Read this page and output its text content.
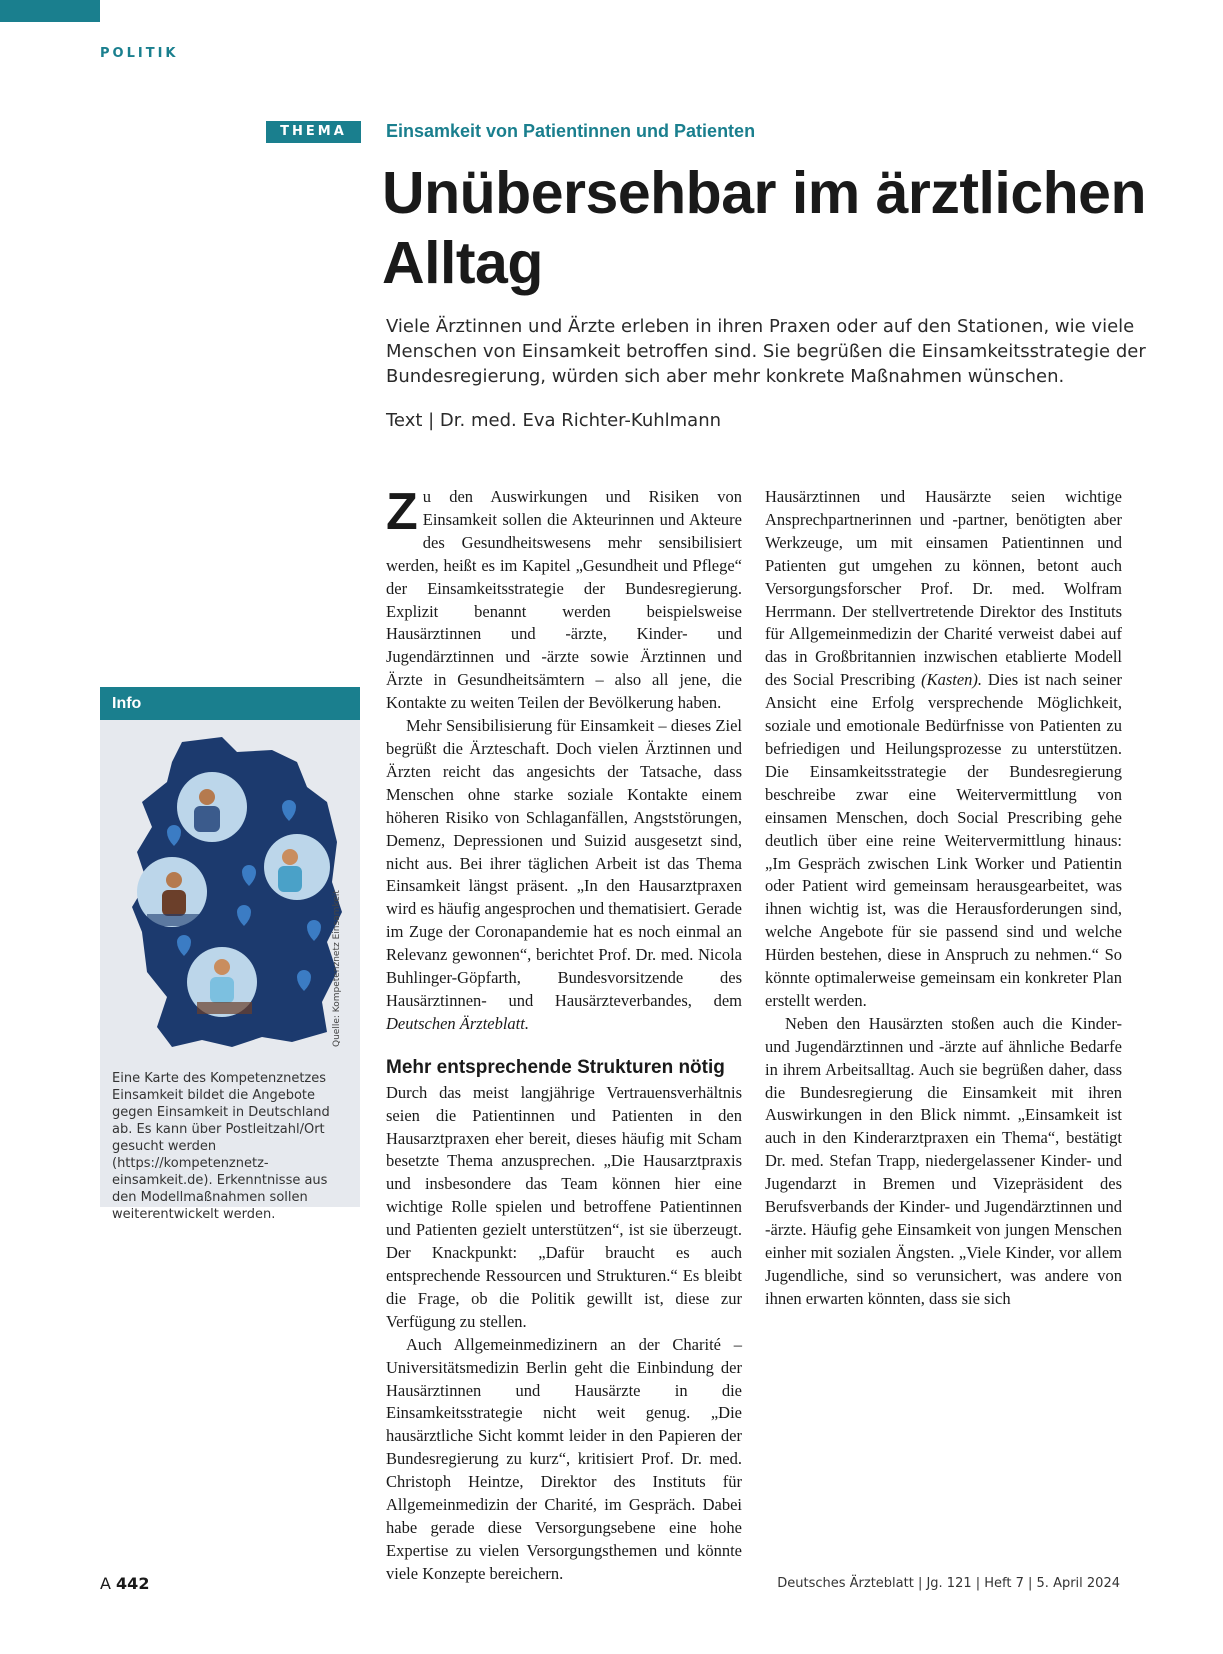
POLITIK
THEMA	Einsamkeit von Patientinnen und Patienten
Unübersehbar im ärztlichen Alltag

Viele Ärztinnen und Ärzte erleben in ihren Praxen oder auf den Stationen, wie viele Menschen von Einsamkeit betroffen sind. Sie begrüßen die Einsamkeitsstrategie der Bundesregierung, würden sich aber mehr konkrete Maßnahmen wünschen.

Text | Dr. med. Eva Richter-Kuhlmann

Info
Quelle: Kompetenznetz Einsamkeit

Eine Karte des Kompetenznetzes Einsamkeit bildet die Angebote gegen Einsamkeit in Deutschland ab. Es kann über Postleitzahl/Ort gesucht werden (https://kompetenznetz-einsamkeit.de). Erkenntnisse aus den Modellmaßnahmen sollen weiterentwickelt werden.

Zu den Auswirkungen und Risiken von Einsamkeit sollen die Akteurinnen und Akteure des Gesundheitswesens mehr sensibilisiert werden, heißt es im Kapitel „Gesundheit und Pflege“ der Einsamkeitsstrategie der Bundesregierung. Explizit benannt werden beispielsweise Hausärztinnen und -ärzte, Kinder- und Jugendärztinnen und -ärzte sowie Ärztinnen und Ärzte in Gesundheitsämtern – also all jene, die Kontakte zu weiten Teilen der Bevölkerung haben.

Mehr Sensibilisierung für Einsamkeit – dieses Ziel begrüßt die Ärzteschaft. Doch vielen Ärztinnen und Ärzten reicht das angesichts der Tatsache, dass Menschen ohne starke soziale Kontakte einem höheren Risiko von Schlaganfällen, Angststörungen, Demenz, Depressionen und Suizid ausgesetzt sind, nicht aus. Bei ihrer täglichen Arbeit ist das Thema Einsamkeit längst präsent. „In den Hausarztpraxen wird es häufig angesprochen und thematisiert. Gerade im Zuge der Coronapandemie hat es noch einmal an Relevanz gewonnen“, berichtet Prof. Dr. med. Nicola Buhlinger-Göpfarth, Bundesvorsitzende des Hausärztinnen- und Hausärzteverbandes, dem Deutschen Ärzteblatt.

Mehr entsprechende Strukturen nötig

Durch das meist langjährige Vertrauensverhältnis seien die Patientinnen und Patienten in den Hausarztpraxen eher bereit, dieses häufig mit Scham besetzte Thema anzusprechen. „Die Hausarztpraxis und insbesondere das Team können hier eine wichtige Rolle spielen und betroffene Patientinnen und Patienten gezielt unterstützen“, ist sie überzeugt. Der Knackpunkt: „Dafür braucht es auch entsprechende Ressourcen und Strukturen.“ Es bleibt die Frage, ob die Politik gewillt ist, diese zur Verfügung zu stellen.

Auch Allgemeinmedizinern an der Charité – Universitätsmedizin Berlin geht die Einbindung der Hausärztinnen und Hausärzte in die Einsamkeitsstrategie nicht weit genug. „Die hausärztliche Sicht kommt leider in den Papieren der Bundesregierung zu kurz“, kritisiert Prof. Dr. med. Christoph Heintze, Direktor des Instituts für Allgemeinmedizin der Charité, im Gespräch. Dabei habe gerade diese Versorgungsebene eine hohe Expertise zu vielen Versorgungsthemen und könnte viele Konzepte bereichern.

Hausärztinnen und Hausärzte seien wichtige Ansprechpartnerinnen und -partner, benötigten aber Werkzeuge, um mit einsamen Patientinnen und Patienten gut umgehen zu können, betont auch Versorgungsforscher Prof. Dr. med. Wolfram Herrmann. Der stellvertretende Direktor des Instituts für Allgemeinmedizin der Charité verweist dabei auf das in Großbritannien inzwischen etablierte Modell des Social Prescribing (Kasten). Dies ist nach seiner Ansicht eine Erfolg versprechende Möglichkeit, soziale und emotionale Bedürfnisse von Patienten zu befriedigen und Heilungsprozesse zu unterstützen. Die Einsamkeitsstrategie der Bundesregierung beschreibe zwar eine Weitervermittlung von einsamen Menschen, doch Social Prescribing gehe deutlich über eine reine Weitervermittlung hinaus: „Im Gespräch zwischen Link Worker und Patientin oder Patient wird gemeinsam herausgearbeitet, was ihnen wichtig ist, was die Herausforderungen sind, welche Angebote für sie passend sind und welche Hürden bestehen, diese in Anspruch zu nehmen.“ So könnte optimalerweise gemeinsam ein konkreter Plan erstellt werden.

Neben den Hausärzten stoßen auch die Kinder- und Jugendärztinnen und -ärzte auf ähnliche Bedarfe in ihrem Arbeitsalltag. Auch sie begrüßen daher, dass die Bundesregierung die Einsamkeit mit ihren Auswirkungen in den Blick nimmt. „Einsamkeit ist auch in den Kinderarztpraxen ein Thema“, bestätigt Dr. med. Stefan Trapp, niedergelassener Kinder- und Jugendarzt in Bremen und Vizepräsident des Berufsverbands der Kinder- und Jugendärztinnen und -ärzte. Häufig gehe Einsamkeit von jungen Menschen einher mit sozialen Ängsten. „Viele Kinder, vor allem Jugendliche, sind so verunsichert, was andere von ihnen erwarten könnten, dass sie sich

A 442	Deutsches Ärzteblatt | Jg. 121 | Heft 7 | 5. April 2024
